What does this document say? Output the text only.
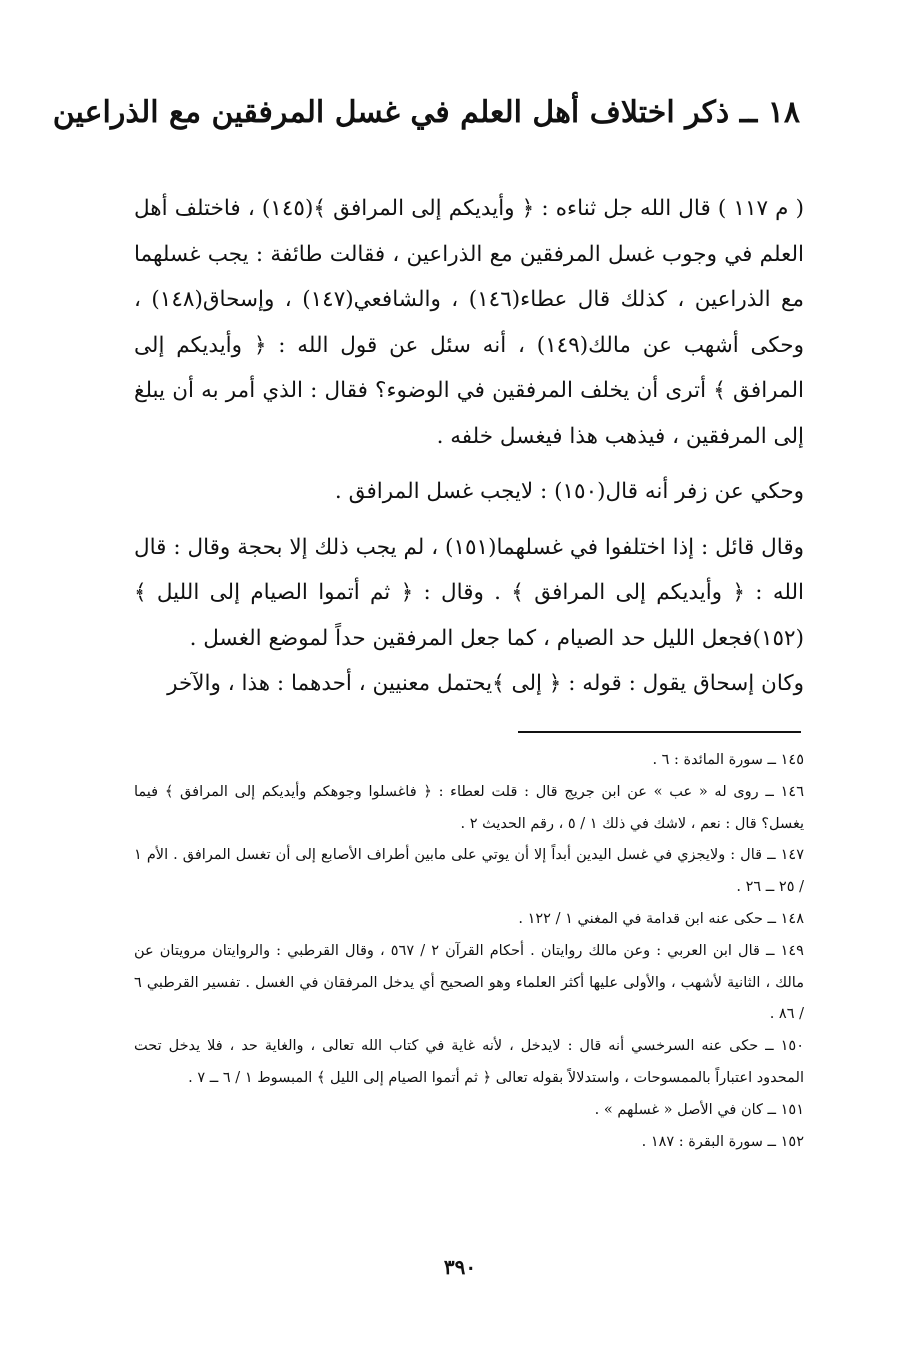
١٨ ــ ذكر اختلاف أهل العلم في غسل المرفقين مع الذراعين

( م ١١٧ ) قال الله جل ثناءه : ﴿ وأيديكم إلى المرافق ﴾(١٤٥) ، فاختلف أهل العلم في وجوب غسل المرفقين مع الذراعين ، فقالت طائفة : يجب غسلهما مع الذراعين ، كذلك قال عطاء(١٤٦) ، والشافعي(١٤٧) ، وإسحاق(١٤٨) ، وحكى أشهب عن مالك(١٤٩) ، أنه سئل عن قول الله : ﴿ وأيديكم إلى المرافق ﴾ أترى أن يخلف المرفقين في الوضوء؟ فقال : الذي أمر به أن يبلغ إلى المرفقين ، فيذهب هذا فيغسل خلفه .

وحكي عن زفر أنه قال(١٥٠) : لايجب غسل المرافق .

وقال قائل : إذا اختلفوا في غسلهما(١٥١) ، لم يجب ذلك إلا بحجة وقال : قال الله : ﴿ وأيديكم إلى المرافق ﴾ . وقال : ﴿ ثم أتموا الصيام إلى الليل ﴾(١٥٢)فجعل الليل حد الصيام ، كما جعل المرفقين حداً لموضع الغسل .

وكان إسحاق يقول : قوله : ﴿ إلى ﴾يحتمل معنيين ، أحدهما : هذا ، والآخر

١٤٥ ــ سورة المائدة : ٦ .

١٤٦ ــ روى له « عب » عن ابن جريج قال : قلت لعطاء : ﴿ فاغسلوا وجوهكم وأيديكم إلى المرافق ﴾ فيما يغسل؟ قال : نعم ، لاشك في ذلك ١ / ٥ ، رقم الحديث ٢ .

١٤٧ ــ قال : ولايجزي في غسل اليدين أبداً إلا أن يوتي على مابين أطراف الأصابع إلى أن تغسل المرافق . الأم ١ / ٢٥ ــ ٢٦ .

١٤٨ ــ حكى عنه ابن قدامة في المغني ١ / ١٢٢ .

١٤٩ ــ قال ابن العربي : وعن مالك روايتان . أحكام القرآن ٢ / ٥٦٧ ، وقال القرطبي : والروايتان مرويتان عن مالك ، الثانية لأشهب ، والأولى عليها أكثر العلماء وهو الصحيح أي يدخل المرفقان في الغسل . تفسير القرطبي ٦ / ٨٦ .

١٥٠ ــ حكى عنه السرخسي أنه قال : لايدخل ، لأنه غاية في كتاب الله تعالى ، والغاية حد ، فلا يدخل تحت المحدود اعتباراً بالممسوحات ، واستدلالاً بقوله تعالى ﴿ ثم أتموا الصيام إلى الليل ﴾ المبسوط ١ / ٦ ــ ٧ .

١٥١ ــ كان في الأصل « غسلهم » .

١٥٢ ــ سورة البقرة : ١٨٧ .

٣٩٠
